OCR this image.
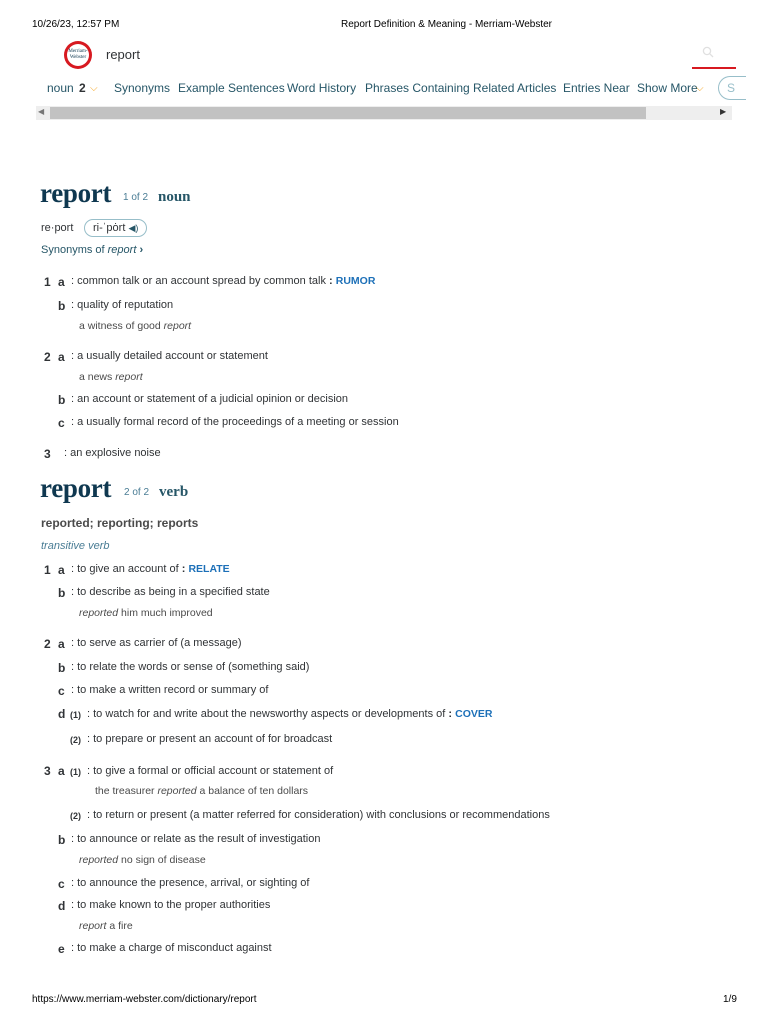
10/26/23, 12:57 PM	Report Definition & Meaning - Merriam-Webster
Merriam-
Webster report
noun 2 ⌵ Synonyms Example Sentences Word History Phrases Containing Related Articles Entries Near Show More
⌵	S
◀	▶
report 1 of 2 noun
re·port	ri-ˈpȯrt ◀)
Synonyms of report ›
1 a : common talk or an account spread by common talk : RUMOR
b : quality of reputation
a witness of good report
2 a : a usually detailed account or statement
a news report
b : an account or statement of a judicial opinion or decision
c : a usually formal record of the proceedings of a meeting or session
3 : an explosive noise
report 2 of 2 verb
reported; reporting; reports
transitive verb
1 a : to give an account of : RELATE
b : to describe as being in a specified state
reported him much improved
2 a : to serve as carrier of (a message)
b : to relate the words or sense of (something said)
c : to make a written record or summary of
d (1) : to watch for and write about the newsworthy aspects or developments of : COVER
(2) : to prepare or present an account of for broadcast
3 a (1) : to give a formal or official account or statement of
the treasurer reported a balance of ten dollars
(2) : to return or present (a matter referred for consideration) with conclusions or recommendations
b : to announce or relate as the result of investigation
reported no sign of disease
c : to announce the presence, arrival, or sighting of
d : to make known to the proper authorities
report a fire
e : to make a charge of misconduct against
https://www.merriam-webster.com/dictionary/report	1/9
